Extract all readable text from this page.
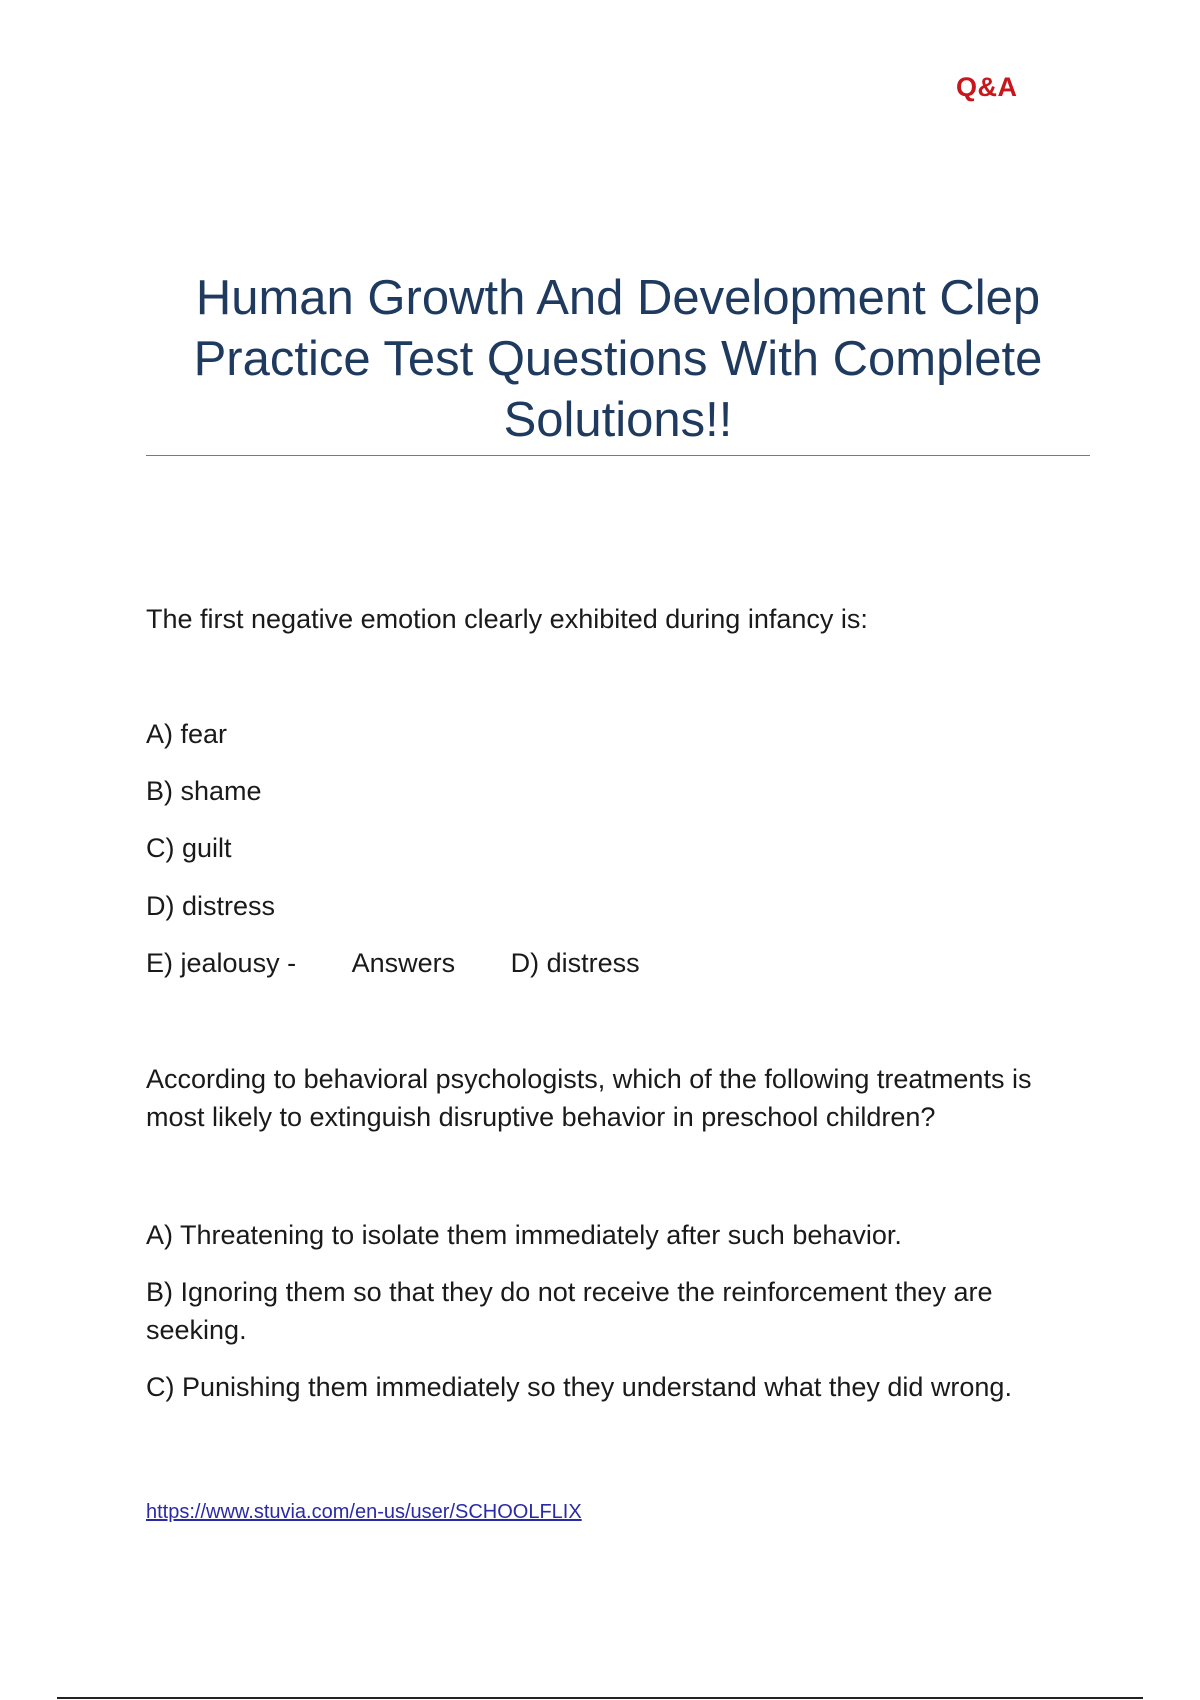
Q&A
Human Growth And Development Clep Practice Test Questions With Complete Solutions!!

The first negative emotion clearly exhibited during infancy is:

A) fear

B) shame

C) guilt

D) distress

E) jealousy - Answers D) distress

According to behavioral psychologists, which of the following treatments is most likely to extinguish disruptive behavior in preschool children?

A) Threatening to isolate them immediately after such behavior.

B) Ignoring them so that they do not receive the reinforcement they are seeking.

C) Punishing them immediately so they understand what they did wrong.

https://www.stuvia.com/en-us/user/SCHOOLFLIX
